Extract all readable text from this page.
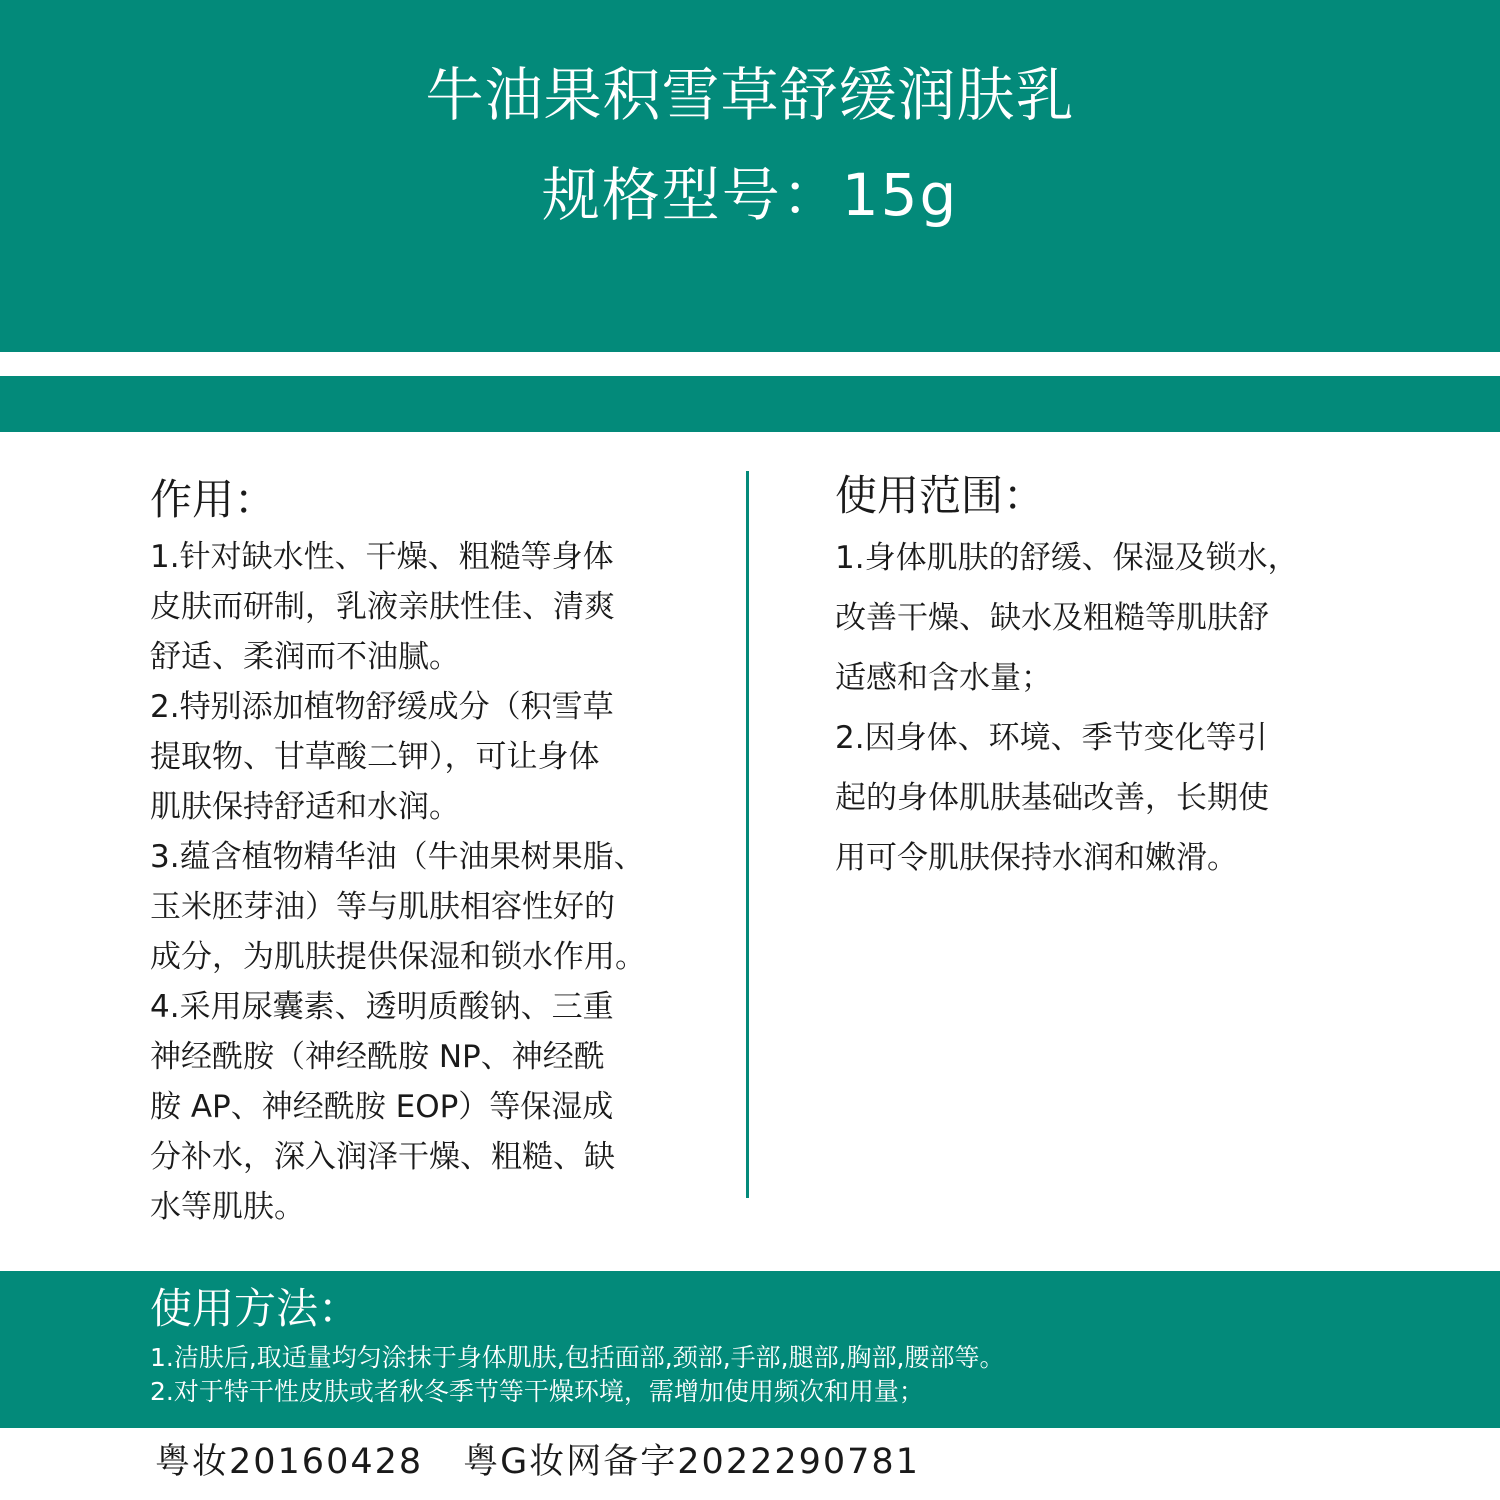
牛油果积雪草舒缓润肤乳
规格型号：15g
作用：
1.针对缺水性、干燥、粗糙等身体
皮肤而研制，乳液亲肤性佳、清爽
舒适、柔润而不油腻。
2.特别添加植物舒缓成分（积雪草
提取物、甘草酸二钾），可让身体
肌肤保持舒适和水润。
3.蕴含植物精华油（牛油果树果脂、
玉米胚芽油）等与肌肤相容性好的
成分，为肌肤提供保湿和锁水作用。
4.采用尿囊素、透明质酸钠、三重
神经酰胺（神经酰胺 NP、神经酰
胺 AP、神经酰胺 EOP）等保湿成
分补水，深入润泽干燥、粗糙、缺
水等肌肤。
使用范围：
1.身体肌肤的舒缓、保湿及锁水，
改善干燥、缺水及粗糙等肌肤舒
适感和含水量；
2.因身体、环境、季节变化等引
起的身体肌肤基础改善，长期使
用可令肌肤保持水润和嫩滑。
使用方法：
1.洁肤后,取适量均匀涂抹于身体肌肤,包括面部,颈部,手部,腿部,胸部,腰部等。
2.对于特干性皮肤或者秋冬季节等干燥环境，需增加使用频次和用量；
粤妆20160428 粤G妆网备字2022290781
